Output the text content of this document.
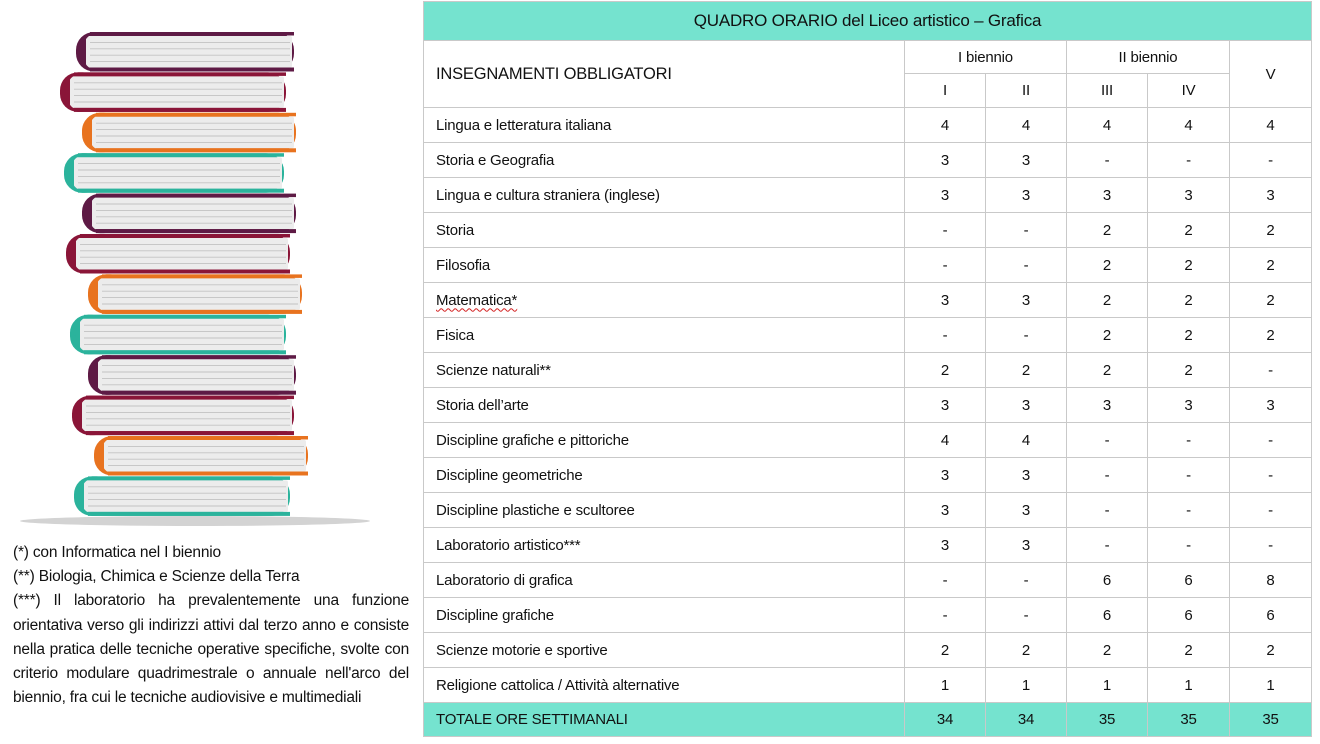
(*) con Informatica nel I biennio

(**) Biologia, Chimica e Scienze della Terra

(***) Il laboratorio ha prevalentemente una funzione orientativa verso gli indirizzi attivi dal terzo anno e consiste nella pratica delle tecniche operative specifiche, svolte con criterio modulare quadrimestrale o annuale nell'arco del biennio, fra cui le tecniche audiovisive e multimediali

QUADRO ORARIO del Liceo artistico – Grafica					
INSEGNAMENTI OBBLIGATORI	I biennio		II biennio		V
	I	II	III	IV	
Lingua e letteratura italiana	4	4	4	4	4
Storia e Geografia	3	3	-	-	-
Lingua e cultura straniera (inglese)	3	3	3	3	3
Storia	-	-	2	2	2
Filosofia	-	-	2	2	2
Matematica*	3	3	2	2	2
Fisica	-	-	2	2	2
Scienze naturali**	2	2	2	2	-
Storia dell’arte	3	3	3	3	3
Discipline grafiche e pittoriche	4	4	-	-	-
Discipline geometriche	3	3	-	-	-
Discipline plastiche e scultoree	3	3	-	-	-
Laboratorio artistico***	3	3	-	-	-
Laboratorio di grafica	-	-	6	6	8
Discipline grafiche	-	-	6	6	6
Scienze motorie e sportive	2	2	2	2	2
Religione cattolica / Attività alternative	1	1	1	1	1
TOTALE ORE SETTIMANALI	34	34	35	35	35
